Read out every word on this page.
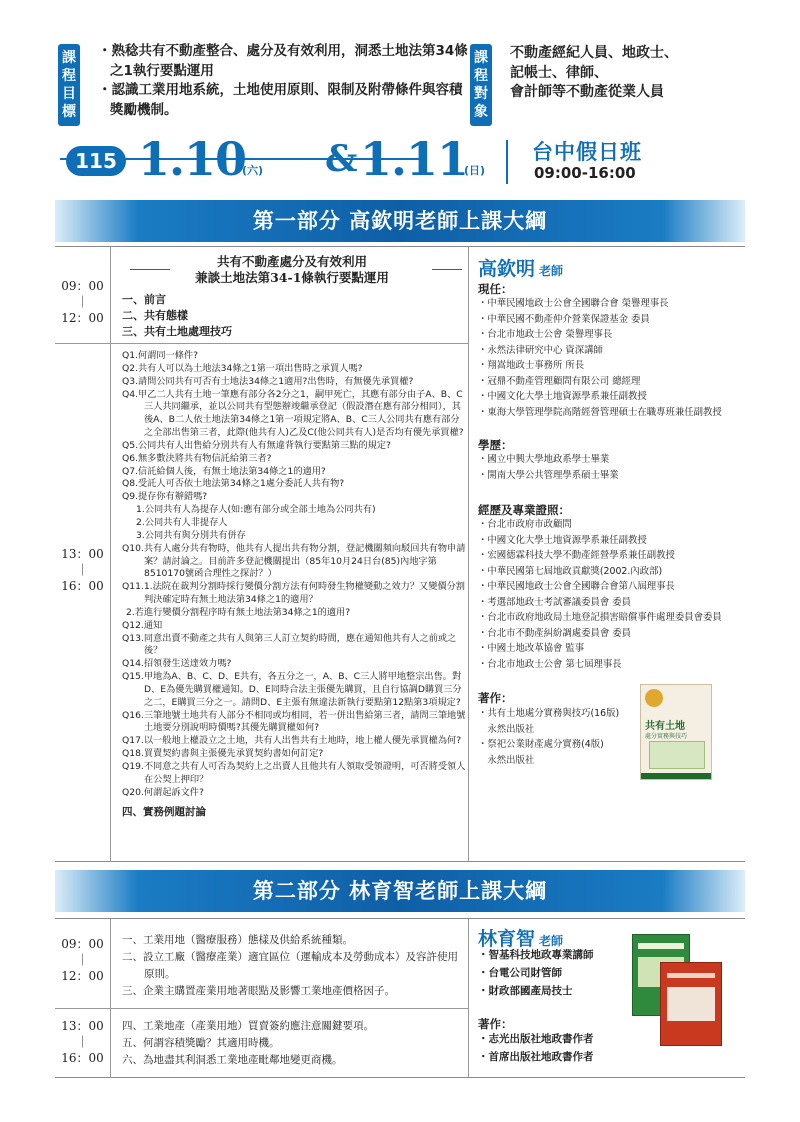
課
程
目
標

・熟稔共有不動產整合、處分及有效利用，洞悉土地法第34條之1執行要點運用

・認識工業用地系統，土地使用原則、限制及附帶條件與容積獎勵機制。

課
程
對
象
不動產經紀人員、地政士、
記帳士、律師、
會計師等不動產從業人員
115 1.10
(六) & 1.11
(日)
台中假日班
09:00-16:00
第一部分 高欽明老師上課大綱
09：00
｜
12：00
13：00
｜
16：00
共有不動產處分及有效利用
兼談土地法第34-1條執行要點運用
一、前言
二、共有態樣
三、共有土地處理技巧
Q1.何謂同一條件?
Q2.共有人可以為土地法34條之1第一項出售時之承買人嗎?
Q3.請問公同共有可否有土地法34條之1適用?出售時，有無優先承買權?
Q4.甲乙二人共有土地一筆應有部分各2分之1，嗣甲死亡，其應有部分由子A、B、C三人共同繼承，並以公同共有型態辦竣繼承登記（假設潛在應有部分相同），其後A、B二人依土地法第34條之1第一項規定將A、B、C三人公同共有應有部分之全部出售第三者，此際(他共有人)乙及C(他公同共有人)是否均有優先承買權?
Q5.公同共有人出售給分別共有人有無違背執行要點第三點的規定?
Q6.無多數決將共有物信託給第三者?
Q7.信託給個人後，有無土地法第34條之1的適用?
Q8.受託人可否依土地法第34條之1處分委託人共有物?
Q9.提存你有辦錯嗎?
1.公同共有人為提存人(如:應有部分或全部土地為公同共有)
2.公同共有人非提存人
3.公同共有與分別共有併存
Q10.共有人處分共有物時，他共有人提出共有物分割，登記機關頻向駁回共有物申請案？請討論之。目前許多登記機關提出（85年10月24日台(85)內地字第8510170號函合理性之探討？）
Q11.1.法院在裁判分割時採行變價分割方法有何時發生物權變動之效力？又變價分割判決確定時有無土地法第34條之1的適用？
2.若進行變價分割程序時有無土地法第34條之1的適用?
Q12.通知
Q13.同意出賣不動產之共有人與第三人訂立契約時間，應在通知他共有人之前或之後？
Q14.招領發生送達效力嗎?
Q15.甲地為A、B、C、D、E共有，各五分之一，A、B、C三人將甲地整宗出售。對D、E為優先購買權通知。D、E同時合法主張優先購買，且自行協調D購買三分之二，E購買三分之一。請問D、E主張有無違法新執行要點第12點第3項規定?
Q16.三筆地號土地共有人部分不相同或均相同，若一併出售給第三者，請問三筆地號土地要分別說明時價嗎?其優先購買權如何?
Q17.以一般地上權設立之土地，共有人出售共有土地時，地上權人優先承買權為何?
Q18.買賣契約書與主張優先承買契約書如何訂定?
Q19.不同意之共有人可否為契約上之出賣人且他共有人領取受領證明，可否將受領人在公契上押印？
Q20.何謂起訴文件?
四、實務例題討論
高欽明 老師
現任：
・中華民國地政士公會全國聯合會 榮譽理事長
・中華民國不動產仲介營業保證基金 委員
・台北市地政士公會 榮譽理事長
・永然法律研究中心 資深講師
・翔嵩地政士事務所 所長
・冠鼎不動產管理顧問有限公司 總經理
・中國文化大學土地資源學系兼任副教授
・東海大學管理學院高階經營管理碩士在職專班兼任副教授
學歷：
・國立中興大學地政系學士畢業
・開南大學公共管理學系碩士畢業
經歷及專業證照：
・台北市政府市政顧問
・中國文化大學土地資源學系兼任副教授
・宏國德霖科技大學不動產經營學系兼任副教授
・中華民國第七屆地政貢獻獎(2002.內政部)
・中華民國地政士公會全國聯合會第八屆理事長
・考選部地政士考試審議委員會 委員
・台北市政府地政局土地登記損害賠償事件處理委員會委員
・台北市不動產糾紛調處委員會 委員
・中國土地改革協會 監事
・台北市地政士公會 第七屆理事長
著作：
・共有土地處分實務與技巧(16版)
　永然出版社
・祭祀公業財產處分實務(4版)
　永然出版社
共有土地
處分實務與技巧
第二部分 林育智老師上課大綱
09：00
｜
12：00
13：00
｜
16：00
一、工業用地（醫療服務）態樣及供給系統種類。
二、設立工廠（醫療產業）適宜區位（運輸成本及勞動成本）及容許使用原則。
三、企業主購置產業用地著眼點及影響工業地產價格因子。
四、工業地產（產業用地）買賣簽約應注意關鍵要項。
五、何謂容積獎勵？其適用時機。
六、為地盡其利洞悉工業地產毗鄰地變更商機。
林育智 老師
・智基科技地政專業講師
・台電公司財管師
・財政部國產局技士
著作：
・志光出版社地政書作者
・首席出版社地政書作者
